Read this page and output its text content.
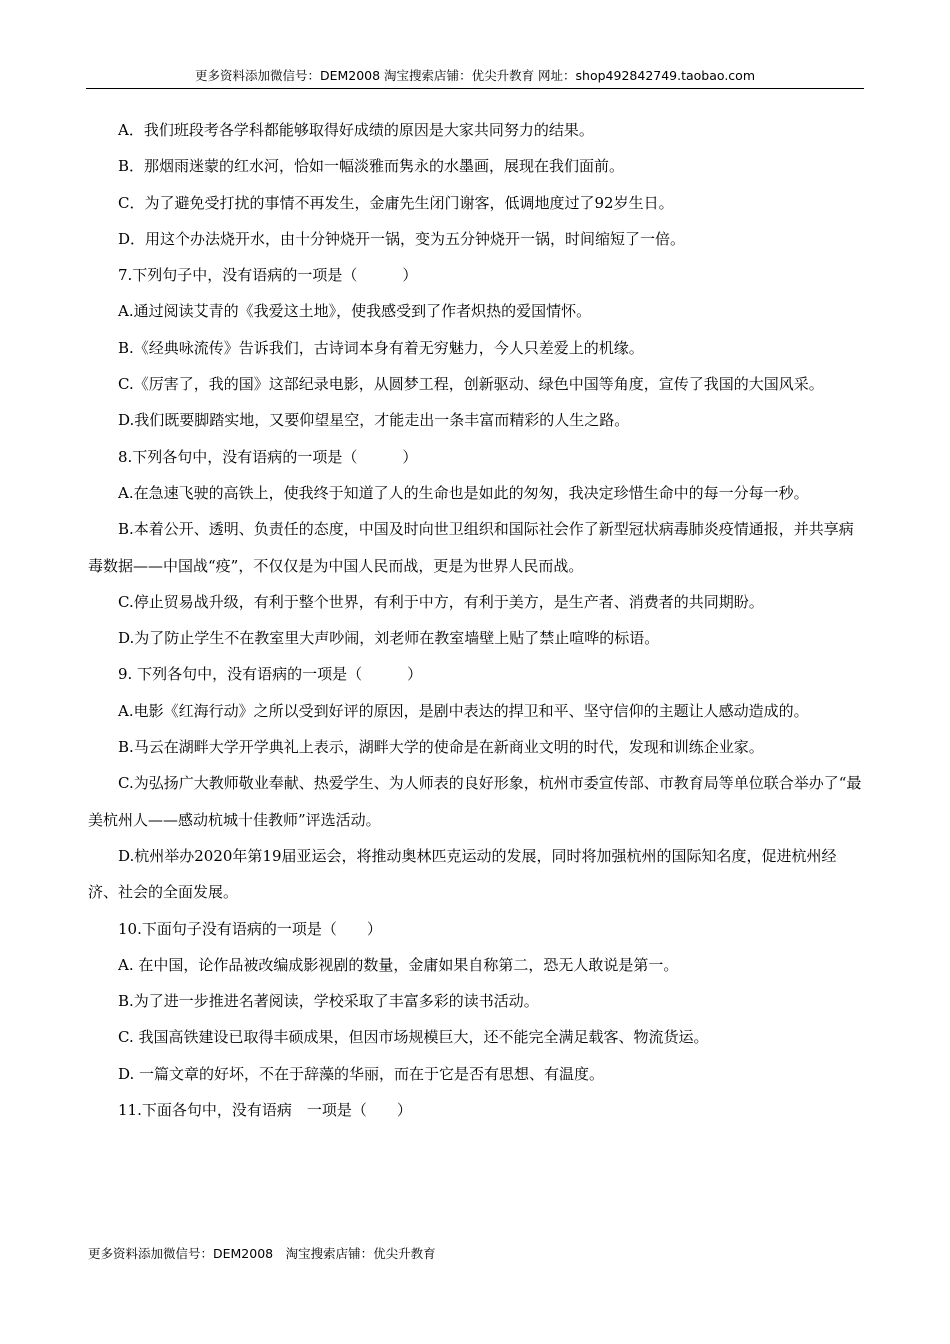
更多资料添加微信号：DEM2008 淘宝搜索店铺：优尖升教育 网址：shop492842749.taobao.com

A．我们班段考各学科都能够取得好成绩的原因是大家共同努力的结果。

B．那烟雨迷蒙的红水河，恰如一幅淡雅而隽永的水墨画，展现在我们面前。

C．为了避免受打扰的事情不再发生，金庸先生闭门谢客，低调地度过了92岁生日。

D．用这个办法烧开水，由十分钟烧开一锅，变为五分钟烧开一锅，时间缩短了一倍。

7.下列句子中，没有语病的一项是（　　　）

A.通过阅读艾青的《我爱这土地》，使我感受到了作者炽热的爱国情怀。

B.《经典咏流传》告诉我们，古诗词本身有着无穷魅力，今人只差爱上的机缘。

C.《厉害了，我的国》这部纪录电影，从圆梦工程，创新驱动、绿色中国等角度，宣传了我国的大国风采。

D.我们既要脚踏实地，又要仰望星空，才能走出一条丰富而精彩的人生之路。

8.下列各句中，没有语病的一项是（　　　）

A.在急速飞驶的高铁上，使我终于知道了人的生命也是如此的匆匆，我决定珍惜生命中的每一分每一秒。

B.本着公开、透明、负责任的态度，中国及时向世卫组织和国际社会作了新型冠状病毒肺炎疫情通报，并共享病毒数据——中国战“疫”，不仅仅是为中国人民而战，更是为世界人民而战。

C.停止贸易战升级，有利于整个世界，有利于中方，有利于美方，是生产者、消费者的共同期盼。

D.为了防止学生不在教室里大声吵闹，刘老师在教室墙壁上贴了禁止喧哗的标语。

9. 下列各句中，没有语病的一项是（　　　）

A.电影《红海行动》之所以受到好评的原因，是剧中表达的捍卫和平、坚守信仰的主题让人感动造成的。

B.马云在湖畔大学开学典礼上表示，湖畔大学的使命是在新商业文明的时代，发现和训练企业家。

C.为弘扬广大教师敬业奉献、热爱学生、为人师表的良好形象，杭州市委宣传部、市教育局等单位联合举办了“最美杭州人——感动杭城十佳教师”评选活动。

D.杭州举办2020年第19届亚运会，将推动奥林匹克运动的发展，同时将加强杭州的国际知名度，促进杭州经济、社会的全面发展。

10.下面句子没有语病的一项是（　　）

A. 在中国，论作品被改编成影视剧的数量，金庸如果自称第二，恐无人敢说是第一。

B.为了进一步推进名著阅读，学校采取了丰富多彩的读书活动。

C. 我国高铁建设已取得丰硕成果，但因市场规模巨大，还不能完全满足载客、物流货运。

D. 一篇文章的好坏，不在于辞藻的华丽，而在于它是否有思想、有温度。

11.下面各句中，没有语病　一项是（　　）

更多资料添加微信号：DEM2008　淘宝搜索店铺：优尖升教育
